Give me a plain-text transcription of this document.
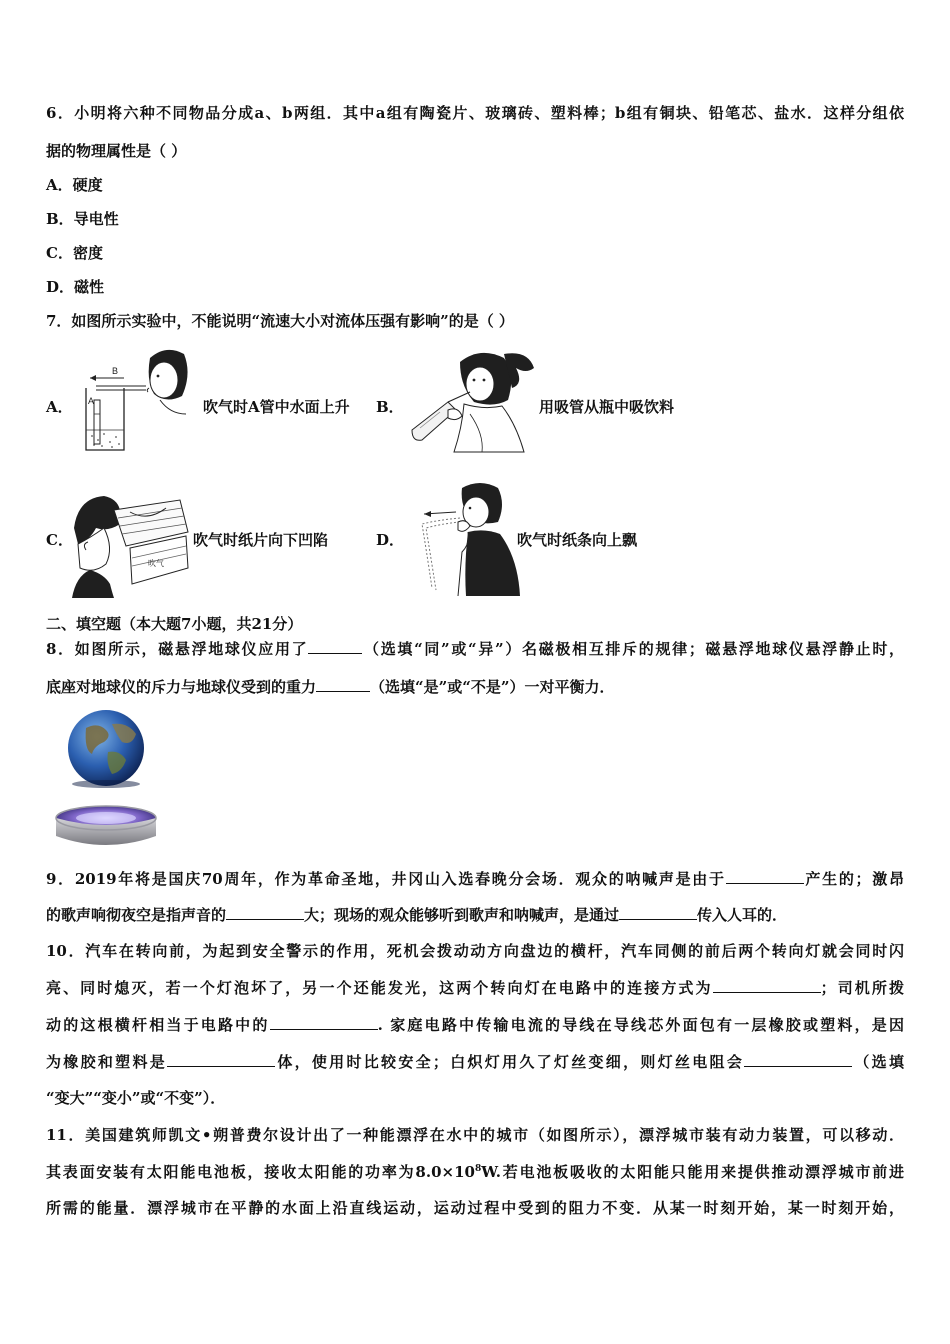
6．小明将六种不同物品分成a、b两组．其中a组有陶瓷片、玻璃砖、塑料棒；b组有铜块、铅笔芯、盐水．这样分组依
据的物理属性是（ ）
A．硬度
B．导电性
C．密度
D．磁性
7．如图所示实验中，不能说明“流速大小对流体压强有影响”的是（ ）
A．
B
A	吹气时A管中水面上升 B．	用吸管从瓶中吸饮料
C．
吹气
吹气时纸片向下凹陷	D．	吹气时纸条向上飘
二、填空题（本大题7小题，共21分）
8．如图所示，磁悬浮地球仪应用了	（选填“同”或“异”）名磁极相互排斥的规律；磁悬浮地球仪悬浮静止时，
底座对地球仪的斥力与地球仪受到的重力	（选填“是”或“不是”）一对平衡力．
9．2019年将是国庆70周年，作为革命圣地，井冈山入选春晚分会场．观众的呐喊声是由于	产生的；激昂
的歌声响彻夜空是指声音的	大；现场的观众能够听到歌声和呐喊声，是通过	传入人耳的．
10．汽车在转向前，为起到安全警示的作用，死机会拨动动方向盘边的横杆，汽车同侧的前后两个转向灯就会同时闪
亮、同时熄灭，若一个灯泡坏了，另一个还能发光，这两个转向灯在电路中的连接方式为	；司机所拨
动的这根横杆相当于电路中的	. 家庭电路中传输电流的导线在导线芯外面包有一层橡胶或塑料，是因
为橡胶和塑料是	体，使用时比较安全；白炽灯用久了灯丝变细，则灯丝电阻会	（选填
“变大”“变小”或“不变”）．
11．美国建筑师凯文•朔普费尔设计出了一种能漂浮在水中的城市（如图所示），漂浮城市装有动力装置，可以移动．
其表面安装有太阳能电池板，接收太阳能的功率为$8.0\times 10^8W$.若电池板吸收的太阳能只能用来提供推动漂浮城市前进
所需的能量．漂浮城市在平静的水面上沿直线运动，运动过程中受到的阻力不变．从某一时刻开始，某一时刻开始，
